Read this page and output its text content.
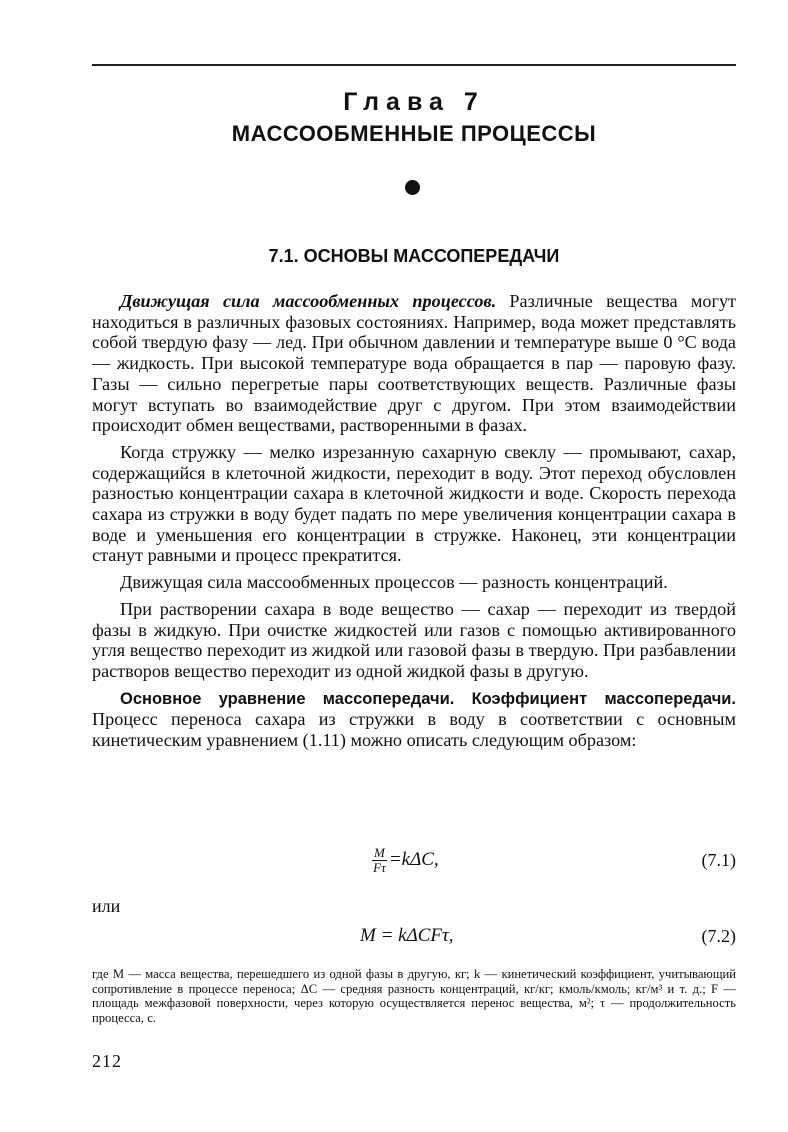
Глава 7
МАССООБМЕННЫЕ ПРОЦЕССЫ
7.1. ОСНОВЫ МАССОПЕРЕДАЧИ

Движущая сила массообменных процессов. Различные вещества могут находиться в различных фазовых состояниях. Например, вода может представлять собой твердую фазу — лед. При обычном давлении и температуре выше 0 °С вода — жидкость. При высокой температуре вода обращается в пар — паровую фазу. Газы — сильно перегретые пары соответствующих веществ. Различные фазы могут вступать во взаимодействие друг с другом. При этом взаимодействии происходит обмен веществами, растворенными в фазах.

Когда стружку — мелко изрезанную сахарную свеклу — промывают, сахар, содержащийся в клеточной жидкости, переходит в воду. Этот переход обусловлен разностью концентрации сахара в клеточной жидкости и воде. Скорость перехода сахара из стружки в воду будет падать по мере увеличения концентрации сахара в воде и уменьшения его концентрации в стружке. Наконец, эти концентрации станут равными и процесс прекратится.

Движущая сила массообменных процессов — разность концентраций.

При растворении сахара в воде вещество — сахар — переходит из твердой фазы в жидкую. При очистке жидкостей или газов с помощью активированного угля вещество переходит из жидкой или газовой фазы в твердую. При разбавлении растворов вещество переходит из одной жидкой фазы в другую.

Основное уравнение массопередачи. Коэффициент массопередачи. Процесс переноса сахара из стружки в воду в соответствии с основным кинетическим уравнением (1.11) можно описать следующим образом:

$\frac{M}{F\tau} =k\Delta C$,	(7.1)
или
M = kΔCFτ,	(7.2)
где M — масса вещества, перешедшего из одной фазы в другую, кг; k — кинетический коэффициент, учитывающий сопротивление в процессе переноса; ΔC — средняя разность концентраций, кг/кг; кмоль/кмоль; кг/м³ и т. д.; F — площадь межфазовой поверхности, через которую осуществляется перенос вещества, м²; τ — продолжительность процесса, с.
212
